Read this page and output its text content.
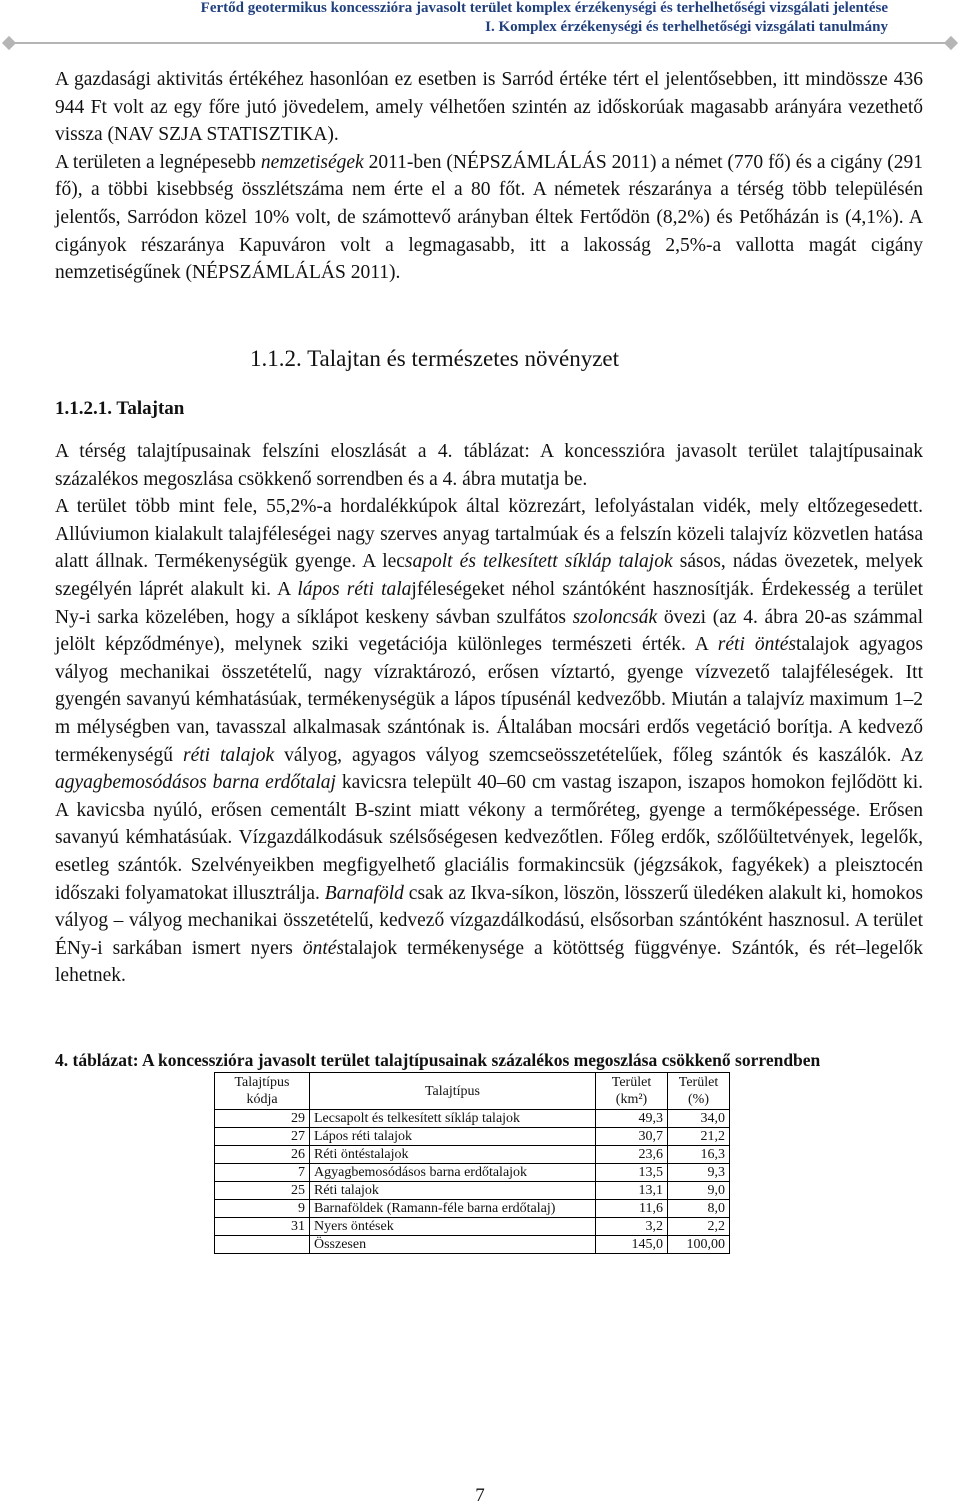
Fertőd geotermikus koncesszióra javasolt terület komplex érzékenységi és terhelhetőségi vizsgálati jelentése
I. Komplex érzékenységi és terhelhetőségi vizsgálati tanulmány

A gazdasági aktivitás értékéhez hasonlóan ez esetben is Sarród értéke tért el jelentősebben, itt mindössze 436 944 Ft volt az egy főre jutó jövedelem, amely vélhetően szintén az időskorúak magasabb arányára vezethető vissza (NAV SZJA STATISZTIKA).

A területen a legnépesebb nemzetiségek 2011-ben (NÉPSZÁMLÁLÁS 2011) a német (770 fő) és a cigány (291 fő), a többi kisebbség összlétszáma nem érte el a 80 főt. A németek részaránya a térség több településén jelentős, Sarródon közel 10% volt, de számottevő arányban éltek Fertődön (8,2%) és Petőházán is (4,1%). A cigányok részaránya Kapuváron volt a legmagasabb, itt a lakosság 2,5%-a vallotta magát cigány nemzetiségűnek (NÉPSZÁMLÁLÁS 2011).

1.1.2. Talajtan és természetes növényzet
1.1.2.1. Talajtan

A térség talajtípusainak felszíni eloszlását a 4. táblázat: A koncesszióra javasolt terület talajtípusainak százalékos megoszlása csökkenő sorrendben és a 4. ábra mutatja be.

A terület több mint fele, 55,2%-a hordalékkúpok által közrezárt, lefolyástalan vidék, mely eltőzegesedett. Allúviumon kialakult talajféleségei nagy szerves anyag tartalmúak és a felszín közeli talajvíz közvetlen hatása alatt állnak. Termékenységük gyenge. A lecsapolt és telkesített síkláp talajok sásos, nádas övezetek, melyek szegélyén láprét alakult ki. A lápos réti talajféleségeket néhol szántóként hasznosítják. Érdekesség a terület Ny-i sarka közelében, hogy a síklápot keskeny sávban szulfátos szoloncsák övezi (az 4. ábra 20-as számmal jelölt képződménye), melynek sziki vegetációja különleges természeti érték. A réti öntéstalajok agyagos vályog mechanikai összetételű, nagy vízraktározó, erősen víztartó, gyenge vízvezető talajféleségek. Itt gyengén savanyú kémhatásúak, termékenységük a lápos típusénál kedvezőbb. Miután a talajvíz maximum 1–2 m mélységben van, tavasszal alkalmasak szántónak is. Általában mocsári erdős vegetáció borítja. A kedvező termékenységű réti talajok vályog, agyagos vályog szemcseösszetételűek, főleg szántók és kaszálók. Az agyagbemosódásos barna erdőtalaj kavicsra települt 40–60 cm vastag iszapon, iszapos homokon fejlődött ki. A kavicsba nyúló, erősen cementált B-szint miatt vékony a termőréteg, gyenge a termőképessége. Erősen savanyú kémhatásúak. Vízgazdálkodásuk szélsőségesen kedvezőtlen. Főleg erdők, szőlőültetvények, legelők, esetleg szántók. Szelvényeikben megfigyelhető glaciális formakincsük (jégzsákok, fagyékek) a pleisztocén időszaki folyamatokat illusztrálja. Barnaföld csak az Ikva-síkon, löszön, lösszerű üledéken alakult ki, homokos vályog – vályog mechanikai összetételű, kedvező vízgazdálkodású, elsősorban szántóként hasznosul. A terület ÉNy-i sarkában ismert nyers öntéstalajok termékenysége a kötöttség függvénye. Szántók, és rét–legelők lehetnek.

4. táblázat: A koncesszióra javasolt terület talajtípusainak százalékos megoszlása csökkenő sorrendben
Talajtípus kódja	Talajtípus	Terület (km²)	Terület (%)
29	Lecsapolt és telkesített síkláp talajok	49,3	34,0
27	Lápos réti talajok	30,7	21,2
26	Réti öntéstalajok	23,6	16,3
7	Agyagbemosódásos barna erdőtalajok	13,5	9,3
25	Réti talajok	13,1	9,0
9	Barnaföldek (Ramann-féle barna erdőtalaj)	11,6	8,0
31	Nyers öntések	3,2	2,2
	Összesen	145,0	100,00
7
